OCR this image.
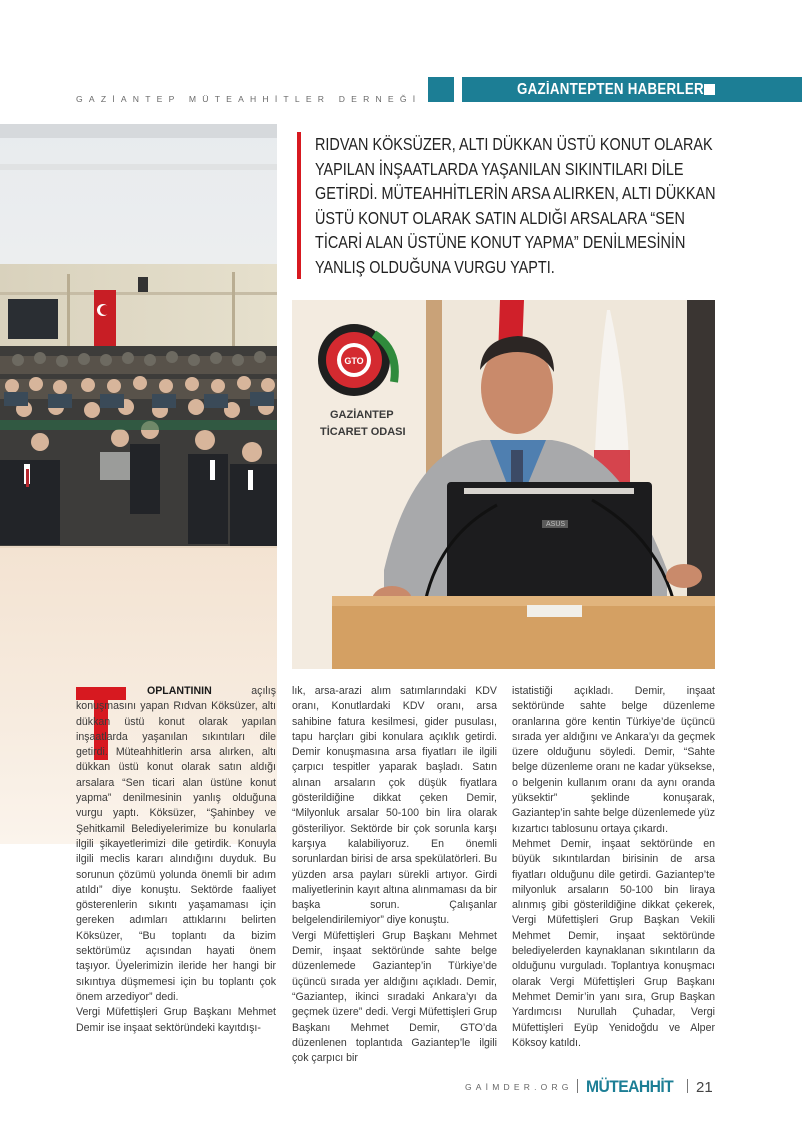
GAZİANTEP MÜTEAHHİTLER DERNEĞİ
GAZİANTEPTEN HABERLER
RIDVAN KÖKSÜZER, ALTI DÜKKAN ÜSTÜ KONUT OLARAK YAPILAN İNŞAATLARDA YAŞANILAN SIKINTILARI DİLE GETİRDİ. MÜTEAHHİTLERİN ARSA ALIRKEN, ALTI DÜKKAN ÜSTÜ KONUT OLARAK SATIN ALDIĞI ARSALARA “SEN TİCARİ ALAN ÜSTÜNE KONUT YAPMA” DENİLMESİNİN YANLIŞ OLDUĞUNA VURGU YAPTI.
GTO
GAZİANTEP
TİCARET ODASI
ASUS

OPLANTININ açılış konuşmasını yapan Rıdvan Köksüzer, altı dükkan üstü konut olarak yapılan inşaatlarda yaşanılan sıkıntıları dile getirdi. Müteahhitlerin arsa alırken, altı dükkan üstü konut olarak satın aldığı arsalara “Sen ticari alan üstüne konut yapma” denilmesinin yanlış olduğuna vurgu yaptı. Köksüzer, “Şahinbey ve Şehitkamil Belediyelerimize bu konularla ilgili şikayetlerimizi dile getirdik. Konuyla ilgili meclis kararı alındığını duyduk. Bu sorunun çözümü yolunda önemli bir adım atıldı” diye konuştu. Sektörde faaliyet gösterenlerin sıkıntı yaşamaması için gereken adımları attıklarını belirten Köksüzer, “Bu toplantı da bizim sektörümüz açısından hayati önem taşıyor. Üyelerimizin ileride her hangi bir sıkıntıya düşmemesi için bu toplantı çok önem arzediyor” dedi.

Vergi Müfettişleri Grup Başkanı Mehmet Demir ise inşaat sektöründeki kayıtdışı-

lık, arsa-arazi alım satımlarındaki KDV oranı, Konutlardaki KDV oranı, arsa sahibine fatura kesilmesi, gider pusulası, tapu harçları gibi konulara açıklık getirdi. Demir konuşmasına arsa fiyatları ile ilgili çarpıcı tespitler yaparak başladı. Satın alınan arsaların çok düşük fiyatlara gösterildiğine dikkat çeken Demir, “Milyonluk arsalar 50-100 bin lira olarak gösteriliyor. Sektörde bir çok sorunla karşı karşıya kalabiliyoruz. En önemli sorunlardan birisi de arsa spekülatörleri. Bu yüzden arsa payları sürekli artıyor. Girdi maliyetlerinin kayıt altına alınmaması da bir başka sorun. Çalışanlar belgelendirilemiyor” diye konuştu.

Vergi Müfettişleri Grup Başkanı Mehmet Demir, inşaat sektöründe sahte belge düzenlemede Gaziantep’in Türkiye’de üçüncü sırada yer aldığını açıkladı. Demir, “Gaziantep, ikinci sıradaki Ankara’yı da geçmek üzere” dedi. Vergi Müfettişleri Grup Başkanı Mehmet Demir, GTO’da düzenlenen toplantıda Gaziantep’le ilgili çok çarpıcı bir

istatistiği açıkladı. Demir, inşaat sektöründe sahte belge düzenleme oranlarına göre kentin Türkiye’de üçüncü sırada yer aldığını ve Ankara’yı da geçmek üzere olduğunu söyledi. Demir, “Sahte belge düzenleme oranı ne kadar yüksekse, o belgenin kullanım oranı da aynı oranda yüksektir” şeklinde konuşarak, Gaziantep’in sahte belge düzenlemede yüz kızartıcı tablosunu ortaya çıkardı.

Mehmet Demir, inşaat sektöründe en büyük sıkıntılardan birisinin de arsa fiyatları olduğunu dile getirdi. Gaziantep’te milyonluk arsaların 50-100 bin liraya alınmış gibi gösterildiğine dikkat çekerek, Vergi Müfettişleri Grup Başkan Vekili Mehmet Demir, inşaat sektöründe belediyelerden kaynaklanan sıkıntıların da olduğunu vurguladı. Toplantıya konuşmacı olarak Vergi Müfettişleri Grup Başkanı Mehmet Demir’in yanı sıra, Grup Başkan Yardımcısı Nurullah Çuhadar, Vergi Müfettişleri Eyüp Yenidoğdu ve Alper Köksoy katıldı.

GAİMDER.ORG MÜTEAHHİT 21
